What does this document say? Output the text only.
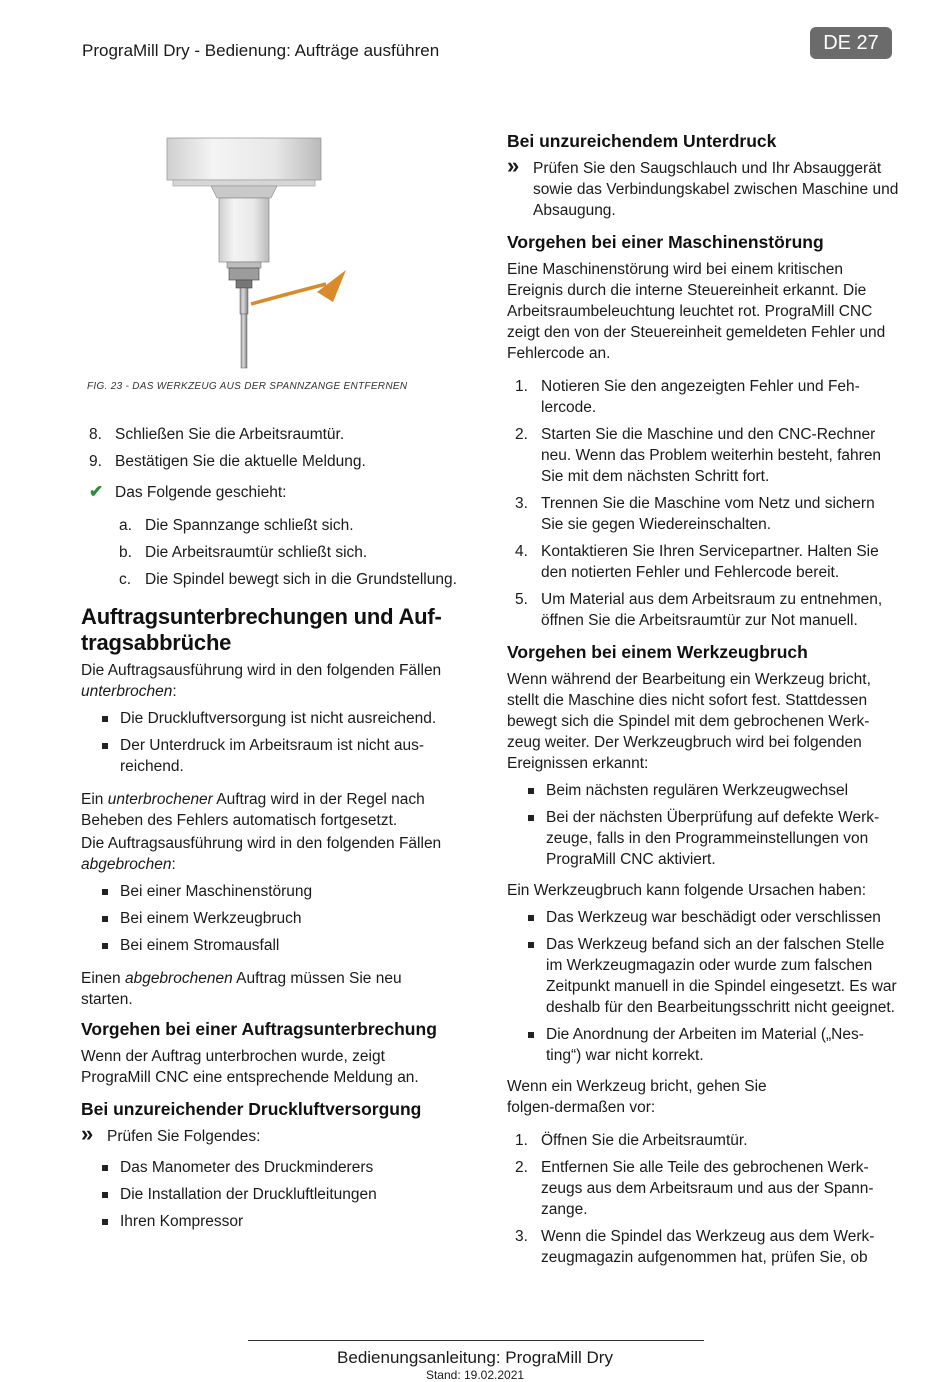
PrograMill Dry - Bedienung: Aufträge ausführen	DE 27
FIG. 23 - DAS WERKZEUG AUS DER SPANNZANGE ENTFERNEN
8. Schließen Sie die Arbeitsraumtür.
9. Bestätigen Sie die aktuelle Meldung.
✔ Das Folgende geschieht:
a. Die Spannzange schließt sich.
b. Die Arbeitsraumtür schließt sich.
c. Die Spindel bewegt sich in die Grundstellung.
Auftragsunterbrechungen und Auf-tragsabbrüche

Die Auftragsausführung wird in den folgenden Fällen unterbrochen:

Die Druckluftversorgung ist nicht ausreichend.
Der Unterdruck im Arbeitsraum ist nicht aus-reichend.

Ein unterbrochener Auftrag wird in der Regel nach Beheben des Fehlers automatisch fortgesetzt.

Die Auftragsausführung wird in den folgenden Fällen abgebrochen:

Bei einer Maschinenstörung
Bei einem Werkzeugbruch
Bei einem Stromausfall

Einen abgebrochenen Auftrag müssen Sie neu starten.

Vorgehen bei einer Auftragsunterbrechung

Wenn der Auftrag unterbrochen wurde, zeigt PrograMill CNC eine entsprechende Meldung an.

Bei unzureichender Druckluftversorgung
» Prüfen Sie Folgendes:
Das Manometer des Druckminderers
Die Installation der Druckluftleitungen
Ihren Kompressor
Bei unzureichendem Unterdruck
» Prüfen Sie den Saugschlauch und Ihr Absauggerät sowie das Verbindungskabel zwischen Maschine und Absaugung.
Vorgehen bei einer Maschinenstörung

Eine Maschinenstörung wird bei einem kritischen Ereignis durch die interne Steuereinheit erkannt. Die Arbeitsraumbeleuchtung leuchtet rot. PrograMill CNC zeigt den von der Steuereinheit gemeldeten Fehler und Fehlercode an.

1. Notieren Sie den angezeigten Fehler und Feh-lercode.
2. Starten Sie die Maschine und den CNC-Rechner neu. Wenn das Problem weiterhin besteht, fahren Sie mit dem nächsten Schritt fort.
3. Trennen Sie die Maschine vom Netz und sichern Sie sie gegen Wiedereinschalten.
4. Kontaktieren Sie Ihren Servicepartner. Halten Sie den notierten Fehler und Fehlercode bereit.
5. Um Material aus dem Arbeitsraum zu entnehmen, öffnen Sie die Arbeitsraumtür zur Not manuell.
Vorgehen bei einem Werkzeugbruch

Wenn während der Bearbeitung ein Werkzeug bricht, stellt die Maschine dies nicht sofort fest. Stattdessen bewegt sich die Spindel mit dem gebrochenen Werk-zeug weiter. Der Werkzeugbruch wird bei folgenden Ereignissen erkannt:

Beim nächsten regulären Werkzeugwechsel
Bei der nächsten Überprüfung auf defekte Werk-zeuge, falls in den Programmeinstellungen von PrograMill CNC aktiviert.

Ein Werkzeugbruch kann folgende Ursachen haben:

Das Werkzeug war beschädigt oder verschlissen
Das Werkzeug befand sich an der falschen Stelle im Werkzeugmagazin oder wurde zum falschen Zeitpunkt manuell in die Spindel eingesetzt. Es war deshalb für den Bearbeitungsschritt nicht geeignet.
Die Anordnung der Arbeiten im Material („Nes-ting“) war nicht korrekt.

Wenn ein Werkzeug bricht, gehen Sie folgen-dermaßen vor:

1. Öffnen Sie die Arbeitsraumtür.
2. Entfernen Sie alle Teile des gebrochenen Werk-zeugs aus dem Arbeitsraum und aus der Spann-zange.
3. Wenn die Spindel das Werkzeug aus dem Werk-zeugmagazin aufgenommen hat, prüfen Sie, ob
Bedienungsanleitung: PrograMill Dry
Stand: 19.02.2021
